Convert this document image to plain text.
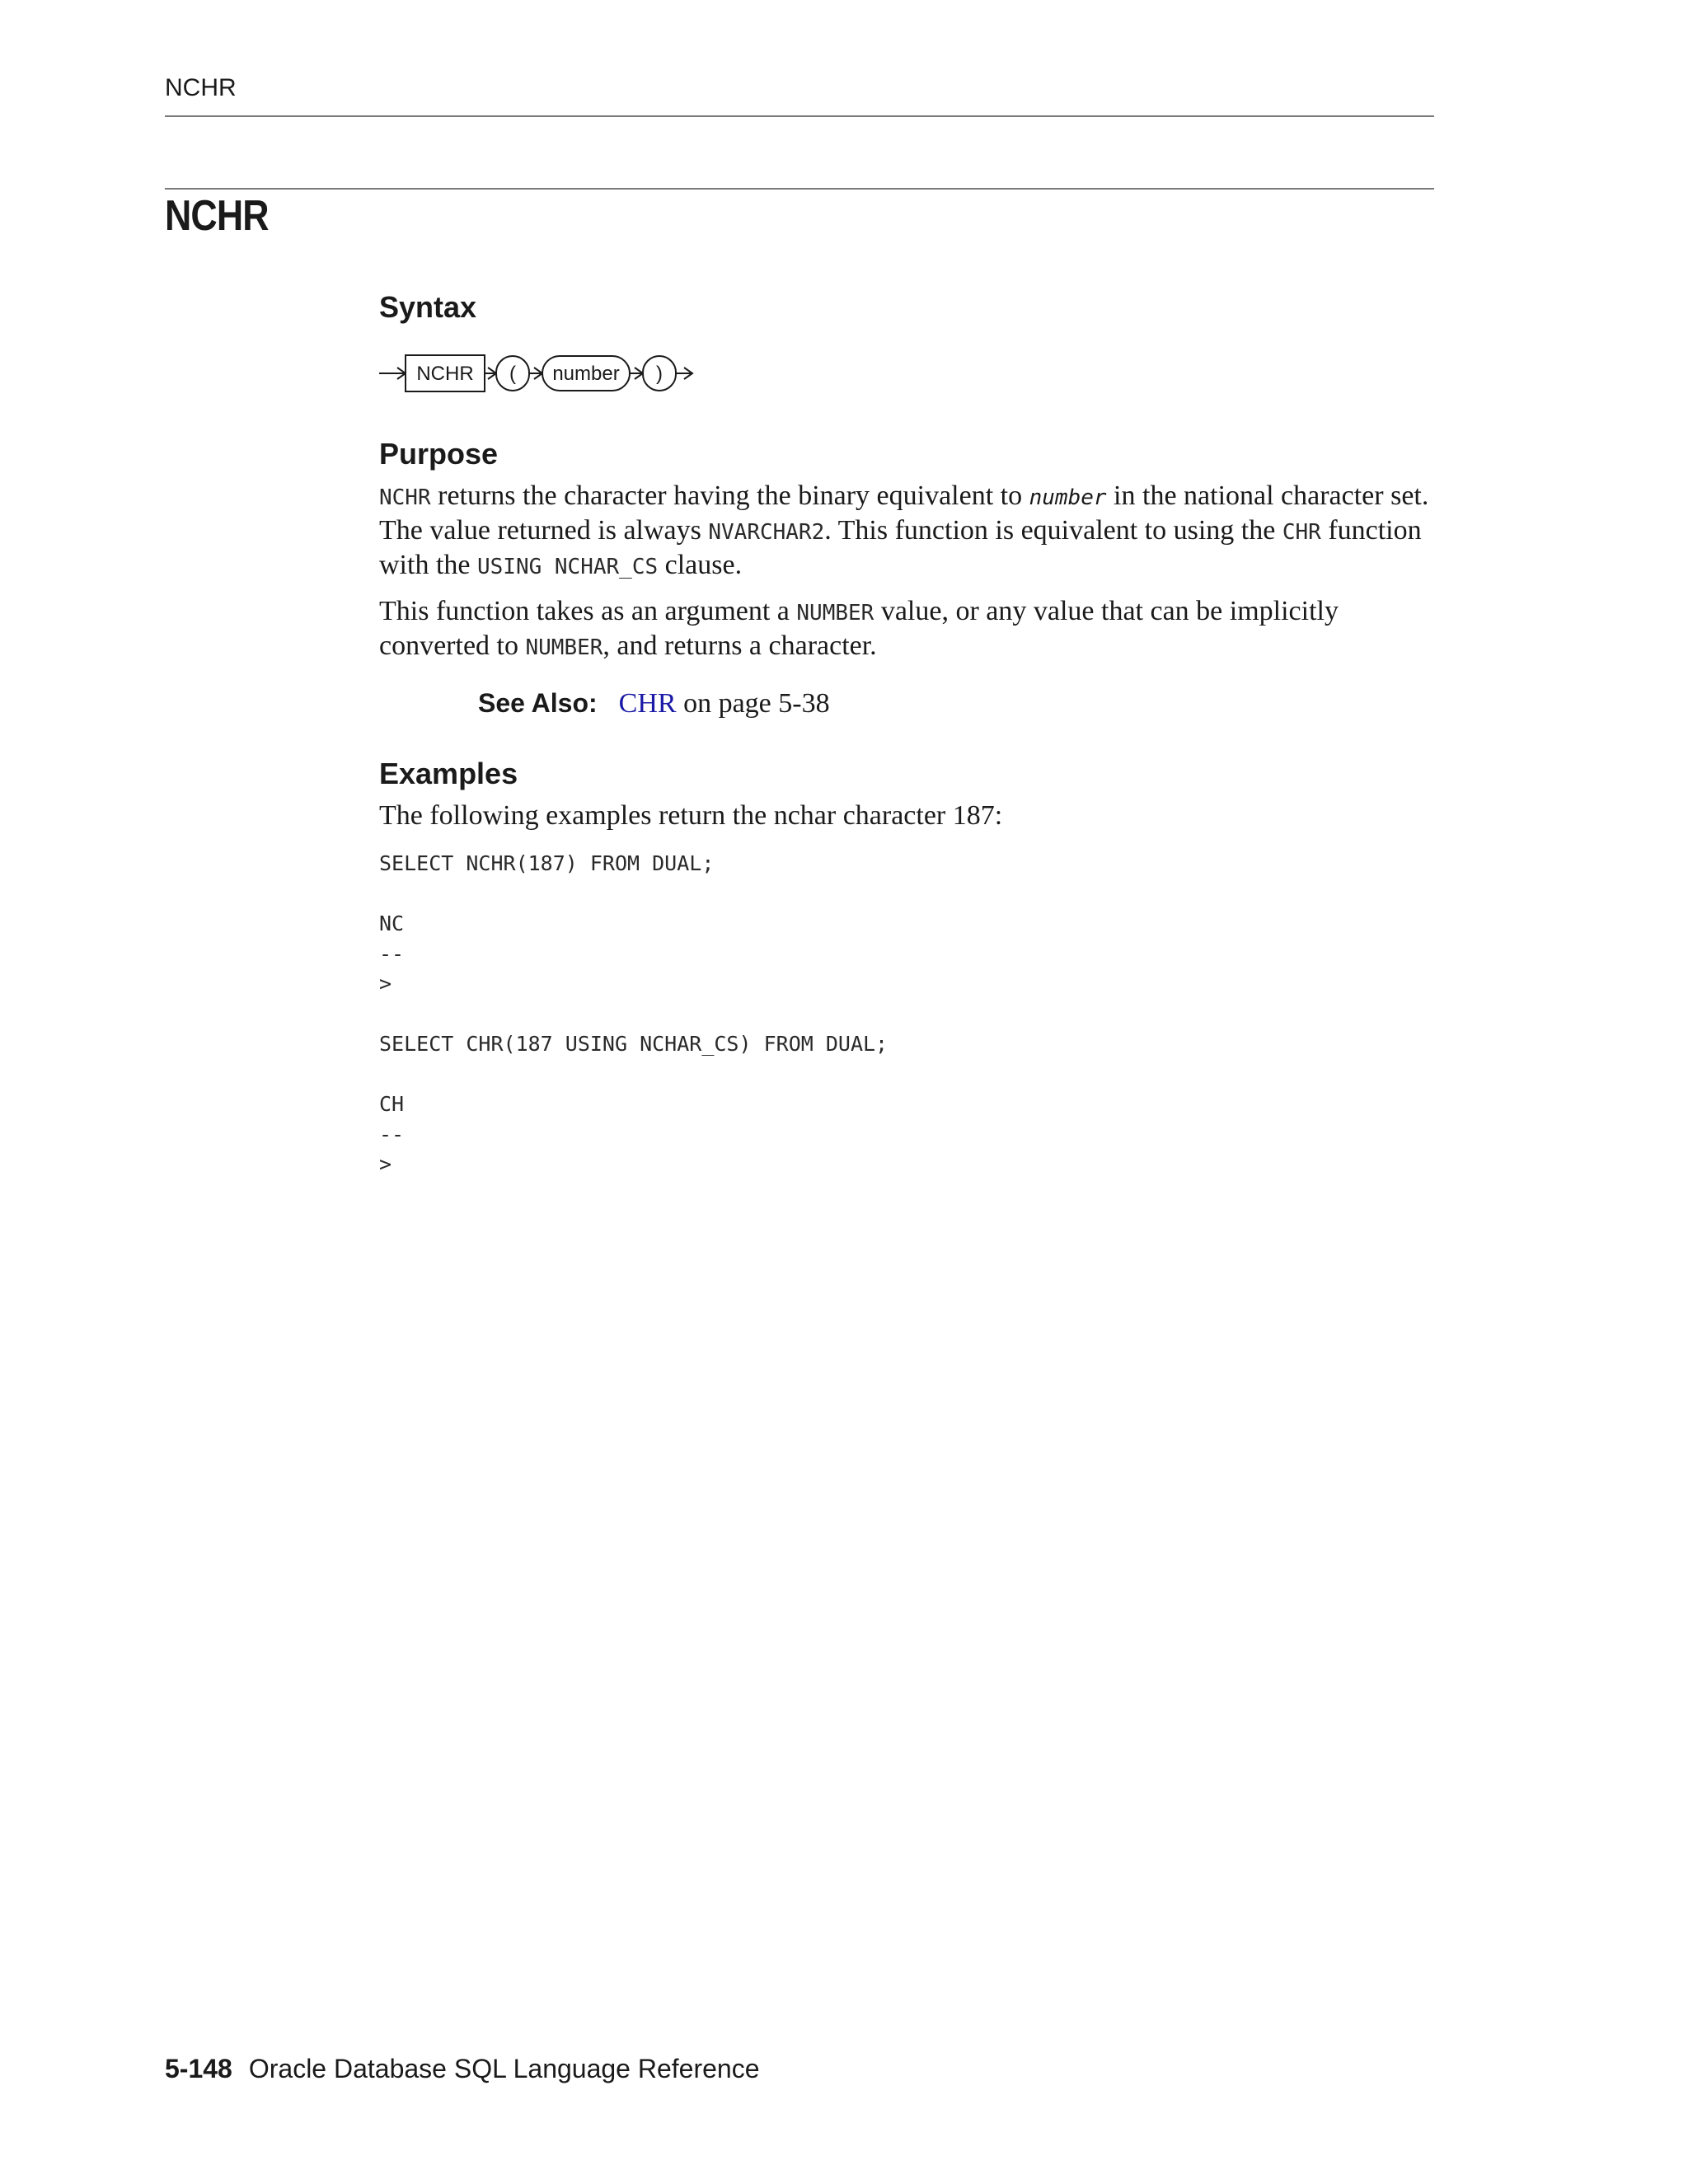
NCHR
NCHR
Syntax
NCHR ( number )
Purpose

NCHR returns the character having the binary equivalent to number in the national character set. The value returned is always NVARCHAR2. This function is equivalent to using the CHR function with the USING NCHAR_CS clause.

This function takes as an argument a NUMBER value, or any value that can be implicitly converted to NUMBER, and returns a character.

See Also: CHR on page 5-38
Examples

The following examples return the nchar character 187:

SELECT NCHR(187) FROM DUAL;

NC
--
>

SELECT CHR(187 USING NCHAR_CS) FROM DUAL;

CH
--
>
5-148 Oracle Database SQL Language Reference
